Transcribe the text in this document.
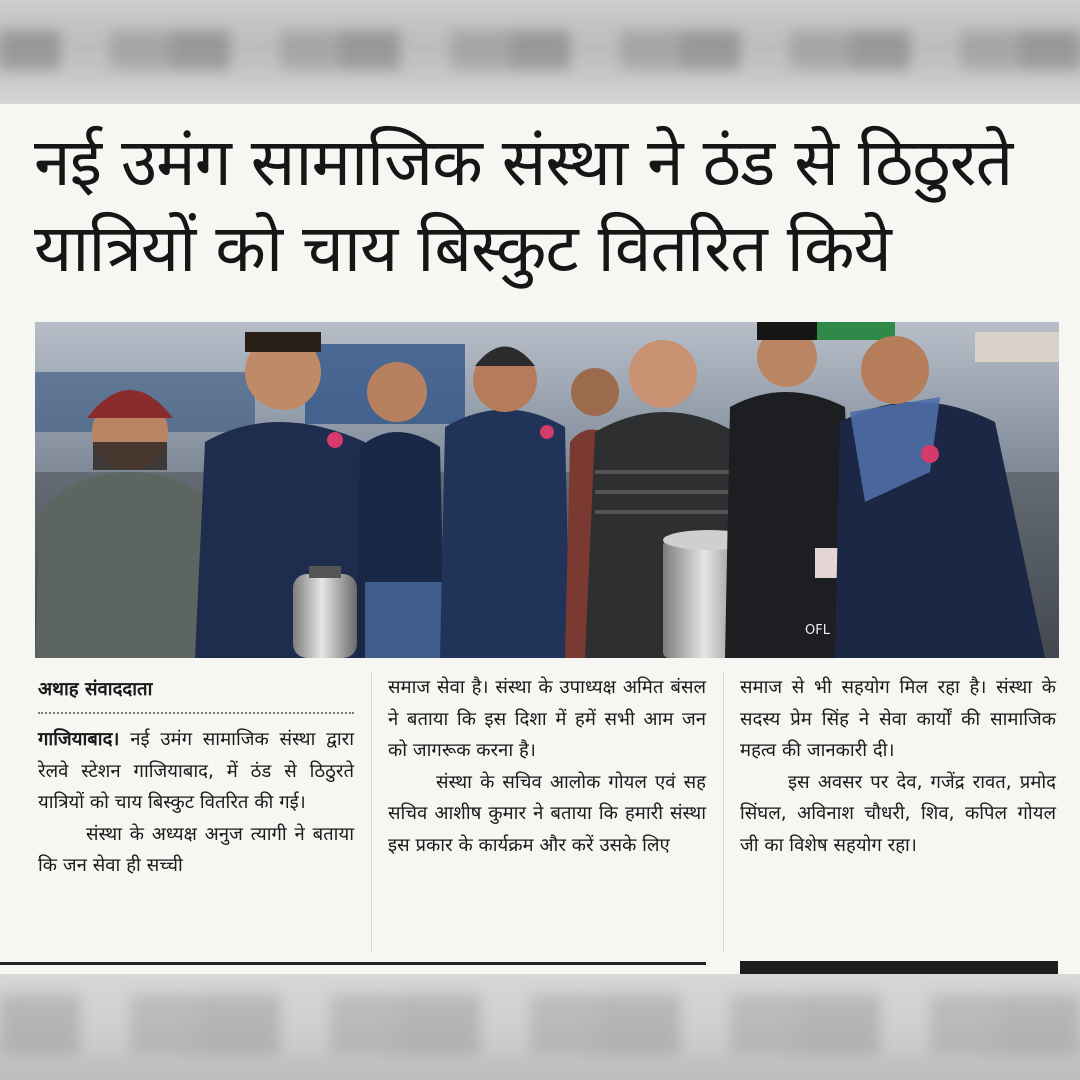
नई उमंग सामाजिक संस्था ने ठंड से ठिठुरते
यात्रियों को चाय बिस्कुट वितरित किये
OFL

अथाह संवाददाता

गाजियाबाद। नई उमंग सामाजिक संस्था द्वारा रेलवे स्टेशन गाजियाबाद, में ठंड से ठिठुरते यात्रियों को चाय बिस्कुट वितरित की गई।

संस्था के अध्यक्ष अनुज त्यागी ने बताया कि जन सेवा ही सच्ची

समाज सेवा है। संस्था के उपाध्यक्ष अमित बंसल ने बताया कि इस दिशा में हमें सभी आम जन को जागरूक करना है।

संस्था के सचिव आलोक गोयल एवं सह सचिव आशीष कुमार ने बताया कि हमारी संस्था इस प्रकार के कार्यक्रम और करें उसके लिए

समाज से भी सहयोग मिल रहा है। संस्था के सदस्य प्रेम सिंह ने सेवा कार्यों की सामाजिक महत्व की जानकारी दी।

इस अवसर पर देव, गजेंद्र रावत, प्रमोद सिंघल, अविनाश चौधरी, शिव, कपिल गोयल जी का विशेष सहयोग रहा।
